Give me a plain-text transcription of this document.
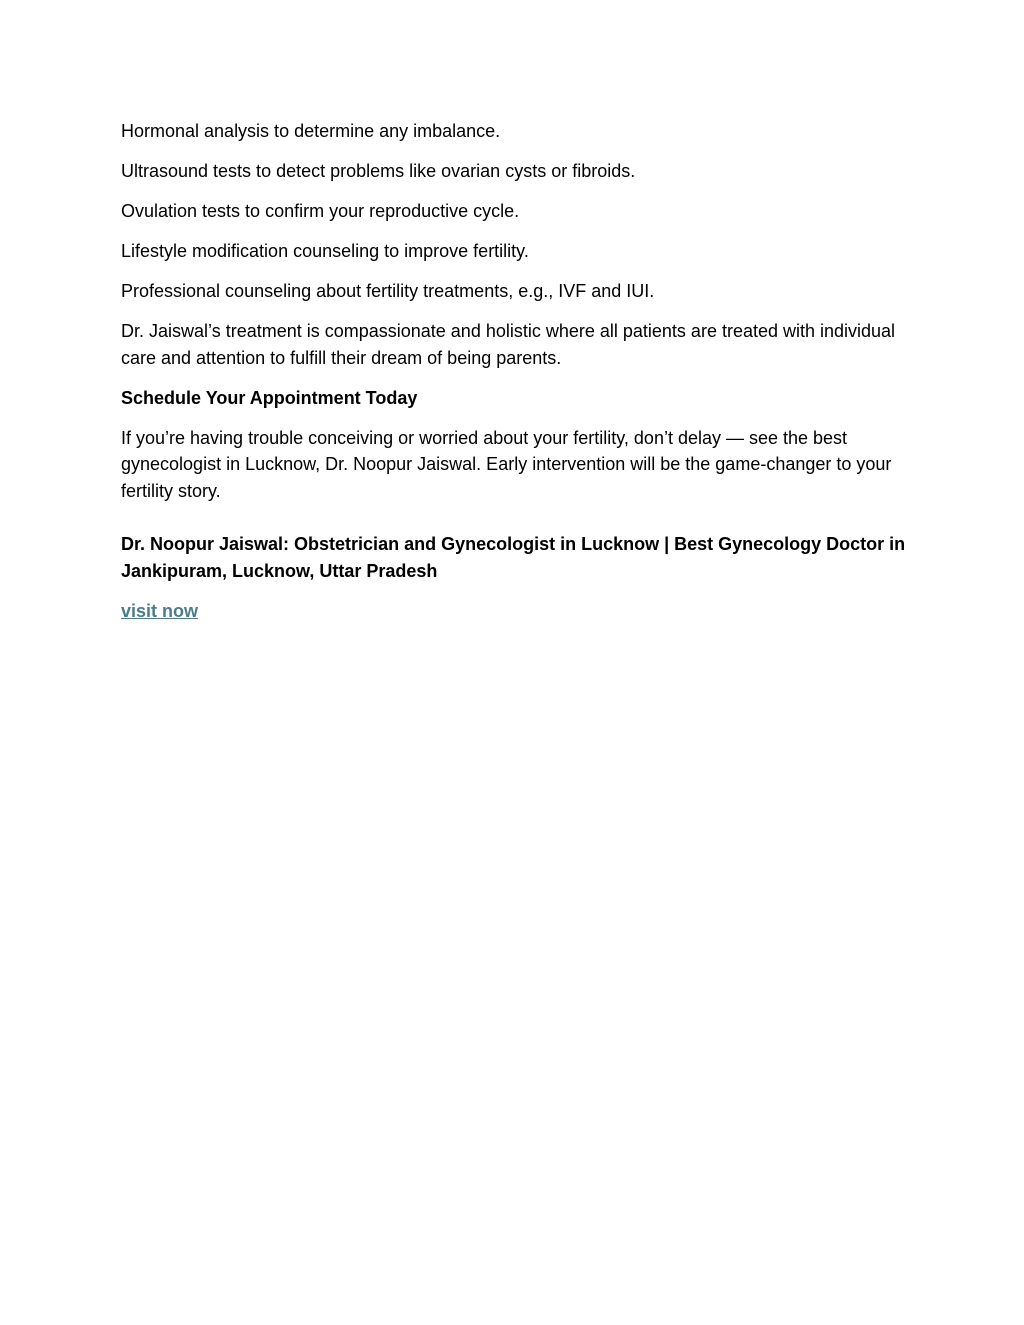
Hormonal analysis to determine any imbalance.

Ultrasound tests to detect problems like ovarian cysts or fibroids.

Ovulation tests to confirm your reproductive cycle.

Lifestyle modification counseling to improve fertility.

Professional counseling about fertility treatments, e.g., IVF and IUI.

Dr. Jaiswal’s treatment is compassionate and holistic where all patients are treated with individual care and attention to fulfill their dream of being parents.

Schedule Your Appointment Today

If you’re having trouble conceiving or worried about your fertility, don’t delay — see the best gynecologist in Lucknow, Dr. Noopur Jaiswal. Early intervention will be the game-changer to your fertility story.

Dr. Noopur Jaiswal: Obstetrician and Gynecologist in Lucknow | Best Gynecology Doctor in Jankipuram, Lucknow, Uttar Pradesh

visit now
